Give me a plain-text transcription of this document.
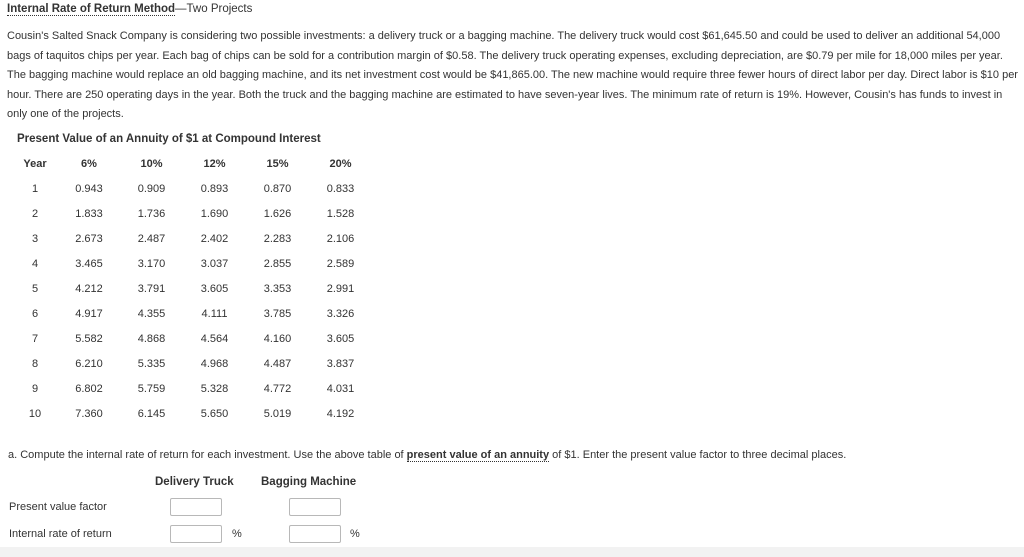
Internal Rate of Return Method—Two Projects
Cousin's Salted Snack Company is considering two possible investments: a delivery truck or a bagging machine. The delivery truck would cost $61,645.50 and could be used to deliver an additional 54,000 bags of taquitos chips per year. Each bag of chips can be sold for a contribution margin of $0.58. The delivery truck operating expenses, excluding depreciation, are $0.79 per mile for 18,000 miles per year. The bagging machine would replace an old bagging machine, and its net investment cost would be $41,865.00. The new machine would require three fewer hours of direct labor per day. Direct labor is $10 per hour. There are 250 operating days in the year. Both the truck and the bagging machine are estimated to have seven-year lives. The minimum rate of return is 19%. However, Cousin's has funds to invest in only one of the projects.
Present Value of an Annuity of $1 at Compound Interest
Year	6%	10%	12%	15%	20%
1	0.943	0.909	0.893	0.870	0.833
2	1.833	1.736	1.690	1.626	1.528
3	2.673	2.487	2.402	2.283	2.106
4	3.465	3.170	3.037	2.855	2.589
5	4.212	3.791	3.605	3.353	2.991
6	4.917	4.355	4.111	3.785	3.326
7	5.582	4.868	4.564	4.160	3.605
8	6.210	5.335	4.968	4.487	3.837
9	6.802	5.759	5.328	4.772	4.031
10	7.360	6.145	5.650	5.019	4.192
a. Compute the internal rate of return for each investment. Use the above table of present value of an annuity of $1. Enter the present value factor to three decimal places.
Delivery Truck Bagging Machine
Present value factor
Internal rate of return	%	%
